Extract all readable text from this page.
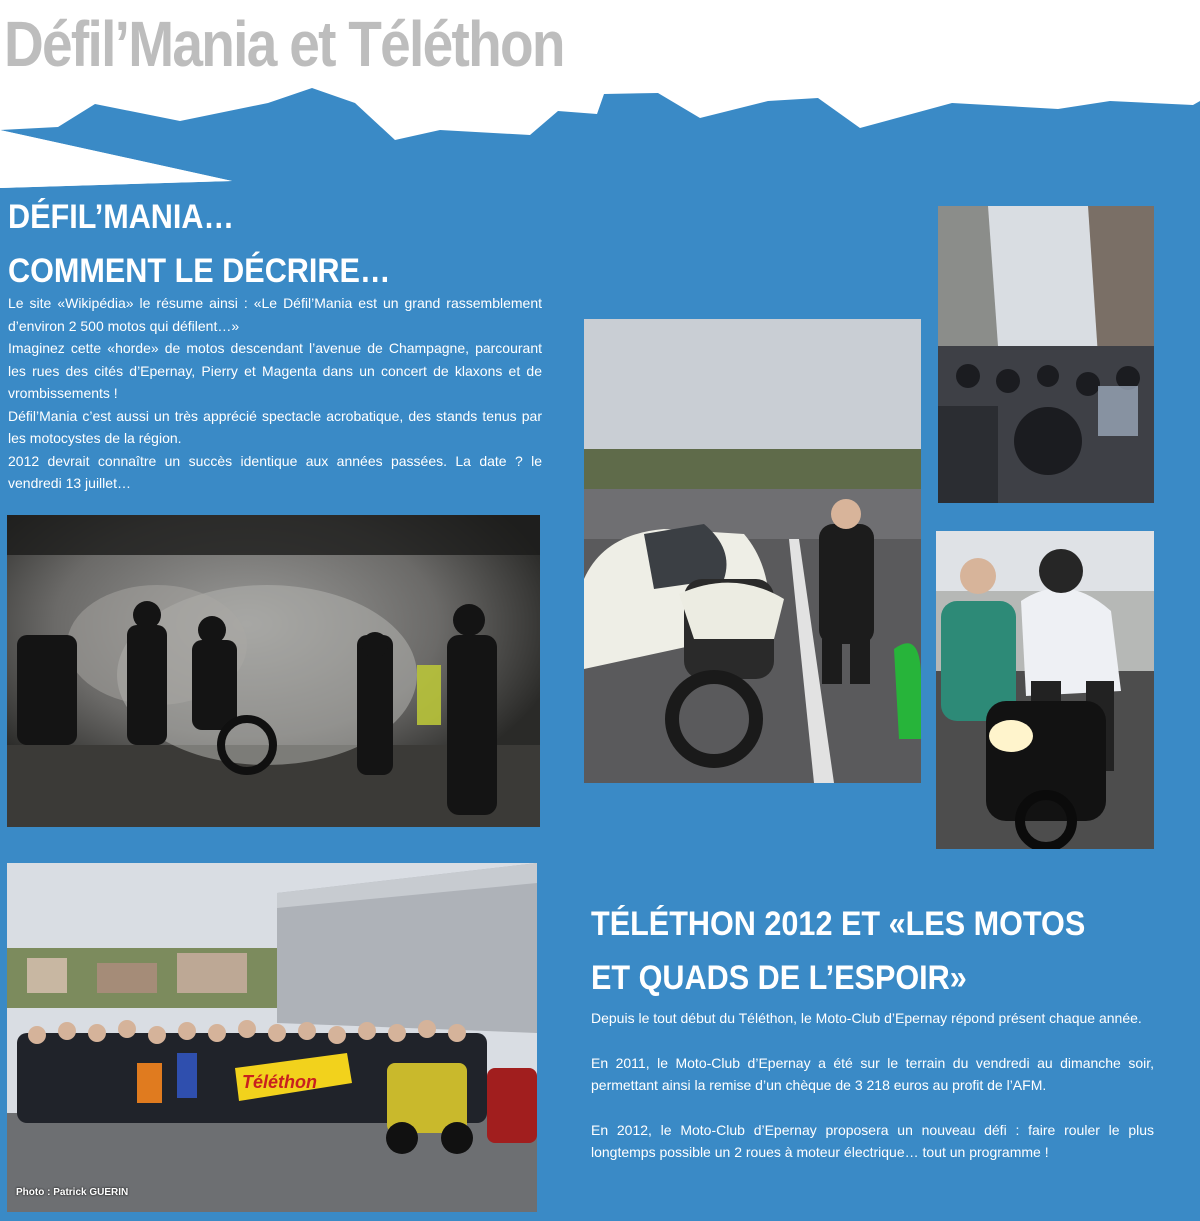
Défil’Mania et Téléthon
DÉFIL’MANIA…
COMMENT LE DÉCRIRE…

Le site «Wikipédia» le résume ainsi : «Le Défil’Mania est un grand rassemblement d’environ 2 500 motos qui défilent…»

Imaginez cette «horde» de motos descendant l’avenue de Champagne, parcourant les rues des cités d’Epernay, Pierry et Magenta dans un concert de klaxons et de vrombissements !

Défil’Mania c’est aussi un très apprécié spectacle acrobatique, des stands tenus par les motocystes de la région.

2012 devrait connaître un succès identique aux années passées. La date ? le vendredi 13 juillet…

Téléthon
Photo : Patrick GUERIN
TÉLÉTHON 2012 ET «LES MOTOS
ET QUADS DE L’ESPOIR»

Depuis le tout début du Téléthon, le Moto-Club d’Epernay répond présent chaque année.

En 2011, le Moto-Club d’Epernay a été sur le terrain du vendredi au dimanche soir, permettant ainsi la remise d’un chèque de 3 218 euros au profit de l’AFM.

En 2012, le Moto-Club d’Epernay proposera un nouveau défi : faire rouler le plus longtemps possible un 2 roues à moteur électrique… tout un programme !
